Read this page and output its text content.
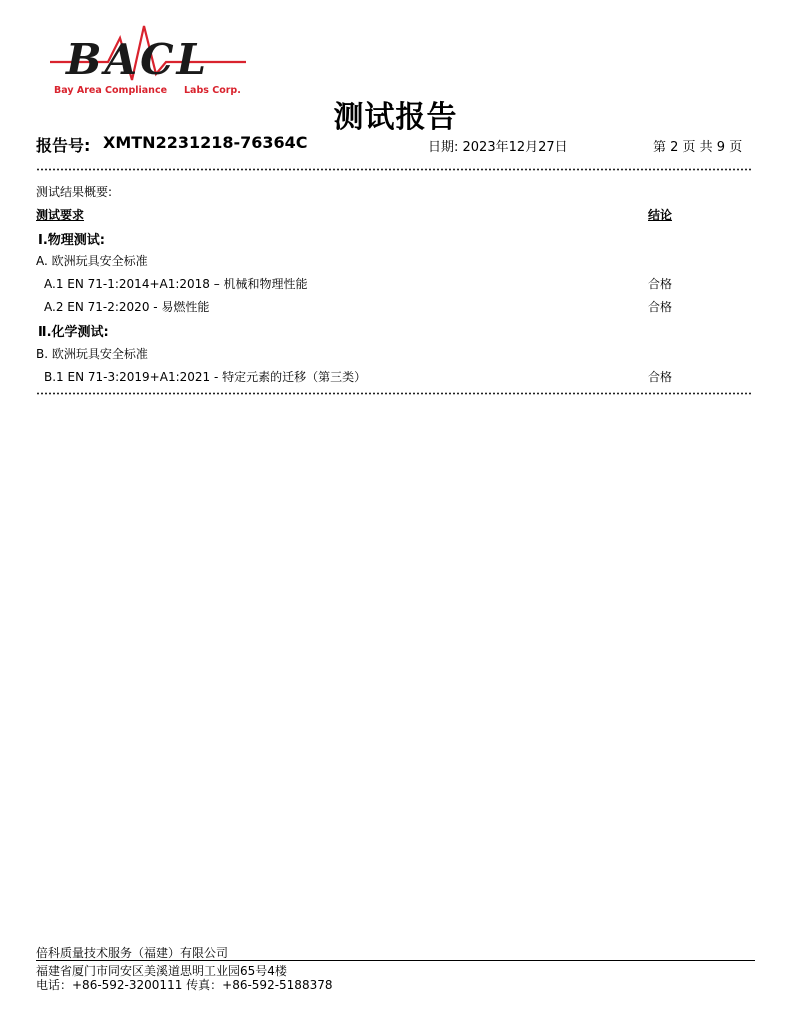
BACL
Bay Area Compliance Labs Corp.
测试报告
报告号: XMTN2231218-76364C	日期: 2023年12月27日	第 2 页 共 9 页
测试结果概要:
测试要求	结论
Ⅰ.物理测试:
A. 欧洲玩具安全标准
A.1 EN 71-1:2014+A1:2018 – 机械和物理性能	合格
A.2 EN 71-2:2020 - 易燃性能	合格
Ⅱ.化学测试:
B. 欧洲玩具安全标准
B.1 EN 71-3:2019+A1:2021 - 特定元素的迁移（第三类）	合格
倍科质量技术服务（福建）有限公司
福建省厦门市同安区美溪道思明工业园65号4楼
电话：+86-592-3200111 传真：+86-592-5188378
